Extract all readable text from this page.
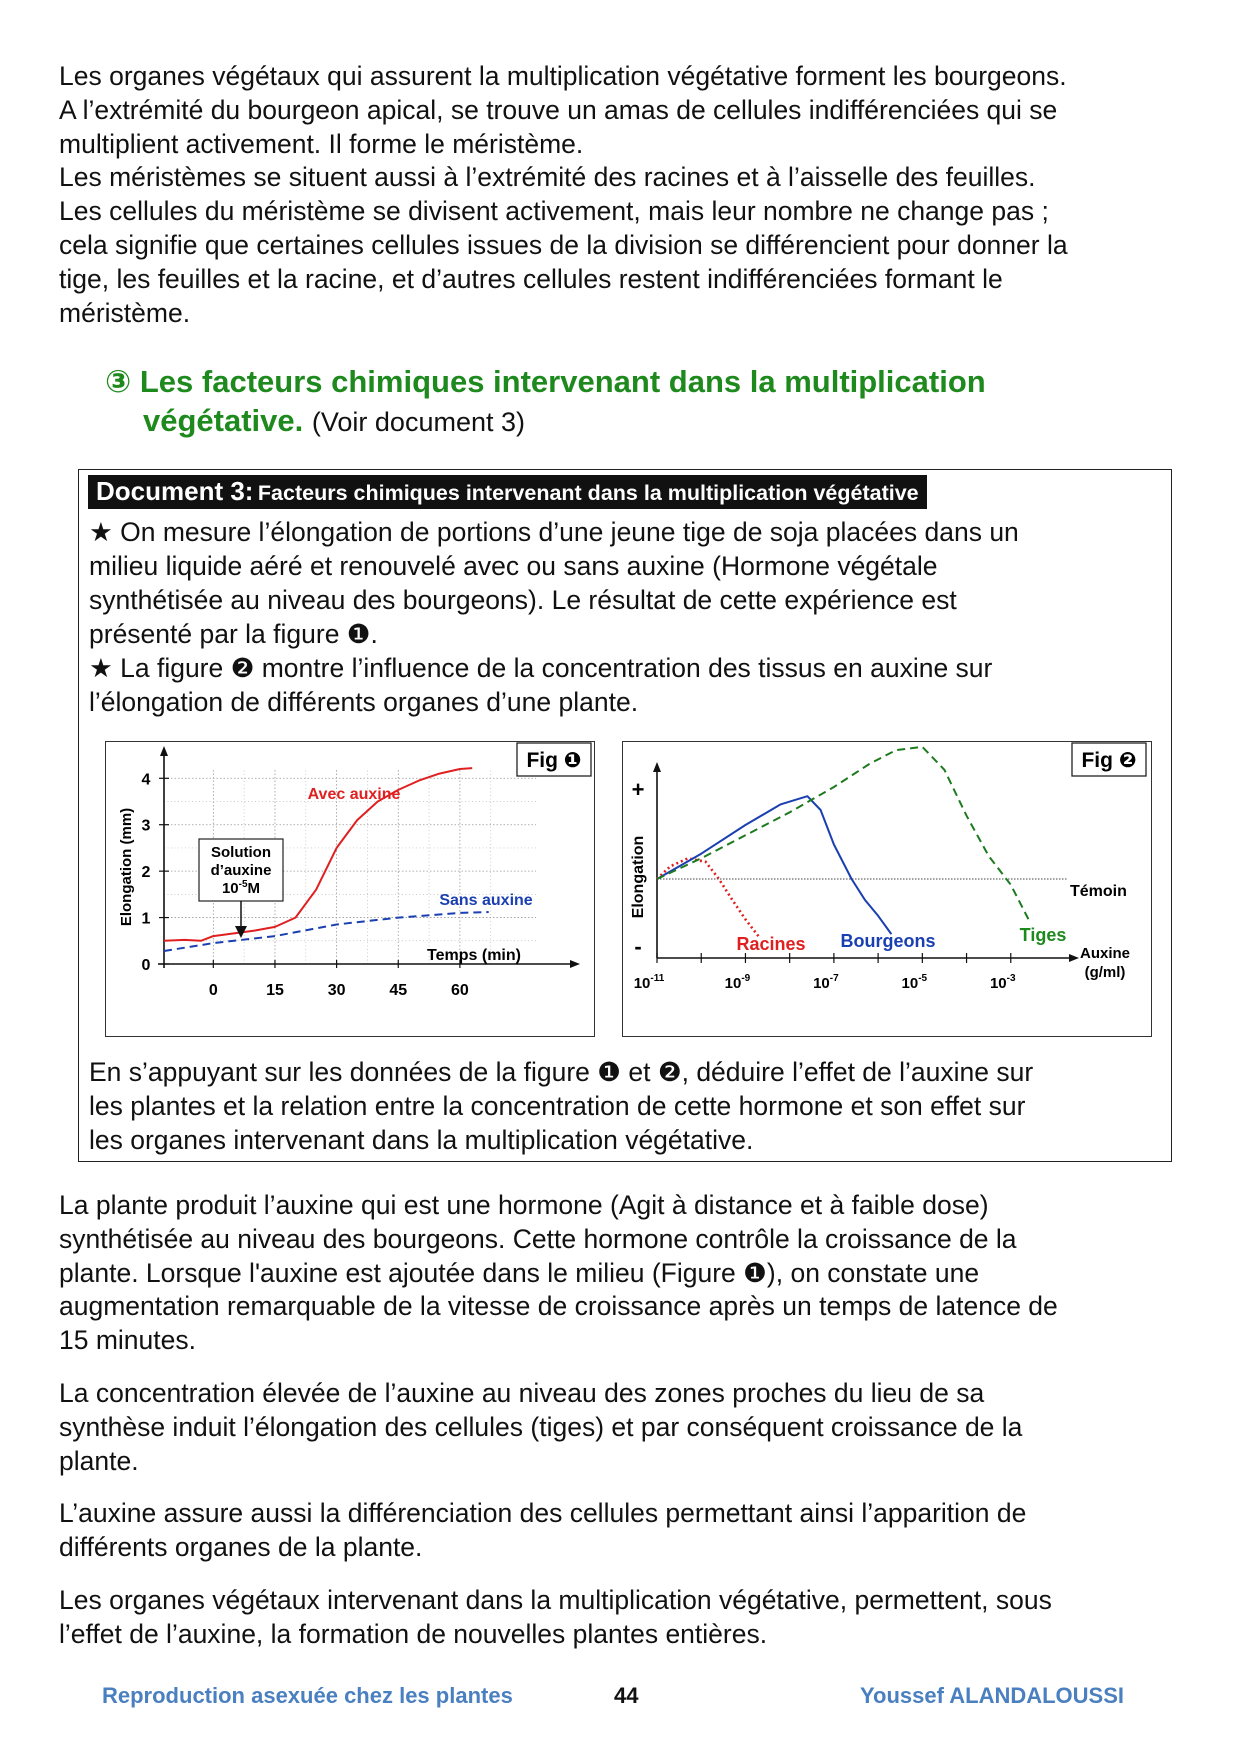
Les organes végétaux qui assurent la multiplication végétative forment les bourgeons.
A l’extrémité du bourgeon apical, se trouve un amas de cellules indifférenciées qui se
multiplient activement. Il forme le méristème.
Les méristèmes se situent aussi à l’extrémité des racines et à l’aisselle des feuilles.
Les cellules du méristème se divisent activement, mais leur nombre ne change pas ;
cela signifie que certaines cellules issues de la division se différencient pour donner la
tige, les feuilles et la racine, et d’autres cellules restent indifférenciées formant le
méristème.
③ Les facteurs chimiques intervenant dans la multiplication
végétative. (Voir document 3)
Document 3: Facteurs chimiques intervenant dans la multiplication végétative
★ On mesure l’élongation de portions d’une jeune tige de soja placées dans un
milieu liquide aéré et renouvelé avec ou sans auxine (Hormone végétale
synthétisée au niveau des bourgeons). Le résultat de cette expérience est
présenté par la figure ❶.
★ La figure ❷ montre l’influence de la concentration des tissus en auxine sur
l’élongation de différents organes d’une plante.
0	15	30	45	60
0
1
2
3
4
Elongation (mm)
Temps (min)
Avec auxine
Sans auxine
Solution
d’auxine
$10^{-5}M$
Fig ❶
$10^{-11}$	$10^{-9}$	$10^{-7}$	$10^{-5}$	$10^{-3}$
Elongation
+
-	Auxine
(g/ml)
Témoin
Racines Bourgeons	Tiges
Fig ❷
En s’appuyant sur les données de la figure ❶ et ❷, déduire l’effet de l’auxine sur
les plantes et la relation entre la concentration de cette hormone et son effet sur
les organes intervenant dans la multiplication végétative.

La plante produit l’auxine qui est une hormone (Agit à distance et à faible dose)
synthétisée au niveau des bourgeons. Cette hormone contrôle la croissance de la
plante. Lorsque l'auxine est ajoutée dans le milieu (Figure ❶), on constate une
augmentation remarquable de la vitesse de croissance après un temps de latence de
15 minutes.

La concentration élevée de l’auxine au niveau des zones proches du lieu de sa
synthèse induit l’élongation des cellules (tiges) et par conséquent croissance de la
plante.

L’auxine assure aussi la différenciation des cellules permettant ainsi l’apparition de
différents organes de la plante.

Les organes végétaux intervenant dans la multiplication végétative, permettent, sous
l’effet de l’auxine, la formation de nouvelles plantes entières.

Reproduction asexuée chez les plantes	44	Youssef ALANDALOUSSI
